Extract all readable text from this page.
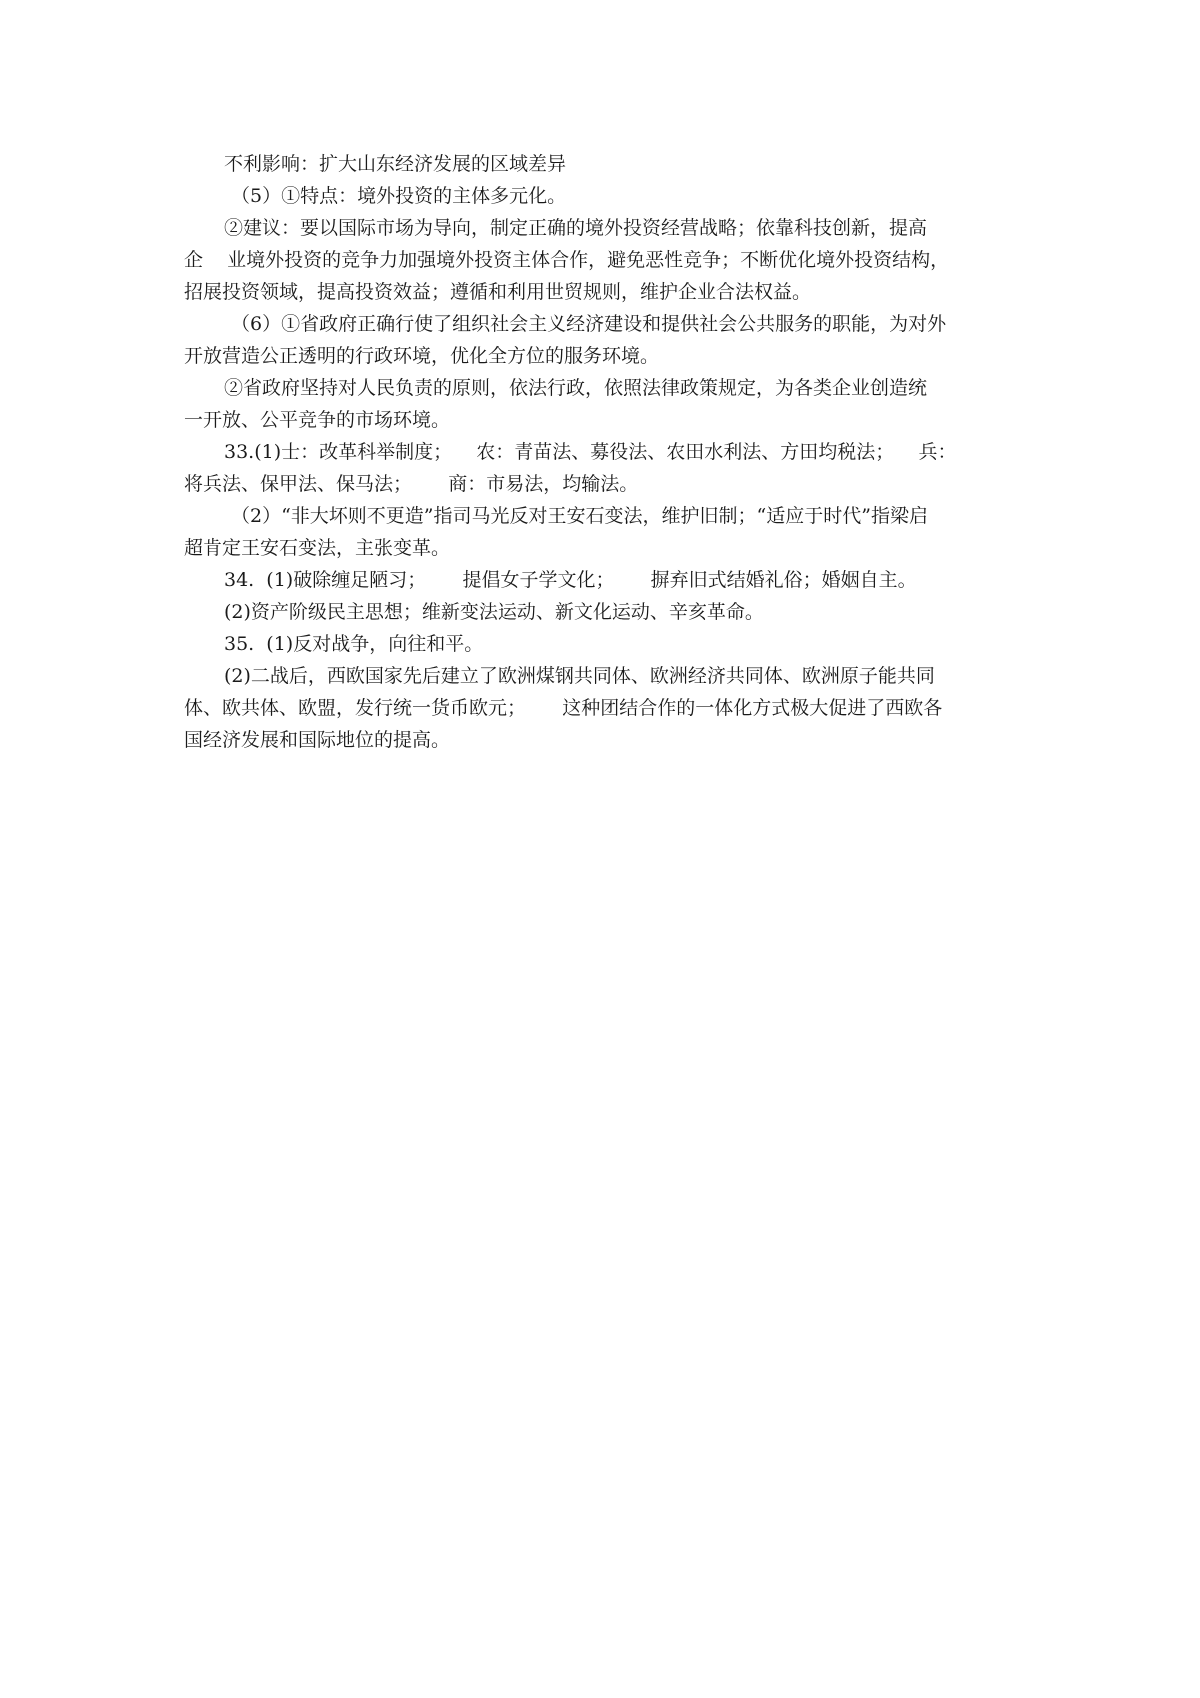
不利影响：扩大山东经济发展的区域差异
（5）①特点：境外投资的主体多元化。
②建议：要以国际市场为导向，制定正确的境外投资经营战略；依靠科技创新，提高
企    业境外投资的竞争力加强境外投资主体合作，避免恶性竞争；不断优化境外投资结构，
招展投资领域，提高投资效益；遵循和利用世贸规则，维护企业合法权益。
（6）①省政府正确行使了组织社会主义经济建设和提供社会公共服务的职能，为对外
开放营造公正透明的行政环境，优化全方位的服务环境。
②省政府坚持对人民负责的原则，依法行政，依照法律政策规定，为各类企业创造统
一开放、公平竞争的市场环境。
33.(1)士：改革科举制度；    农：青苗法、募役法、农田水利法、方田均税法；    兵：
将兵法、保甲法、保马法；      商：市易法，均输法。
（2）“非大坏则不更造”指司马光反对王安石变法，维护旧制；“适应于时代”指梁启
超肯定王安石变法，主张变革。
34.  (1)破除缠足陋习；      提倡女子学文化；      摒弃旧式结婚礼俗；婚姻自主。
(2)资产阶级民主思想；维新变法运动、新文化运动、辛亥革命。
35.  (1)反对战争，向往和平。
(2)二战后，西欧国家先后建立了欧洲煤钢共同体、欧洲经济共同体、欧洲原子能共同
体、欧共体、欧盟，发行统一货币欧元；      这种团结合作的一体化方式极大促进了西欧各
国经济发展和国际地位的提高。
